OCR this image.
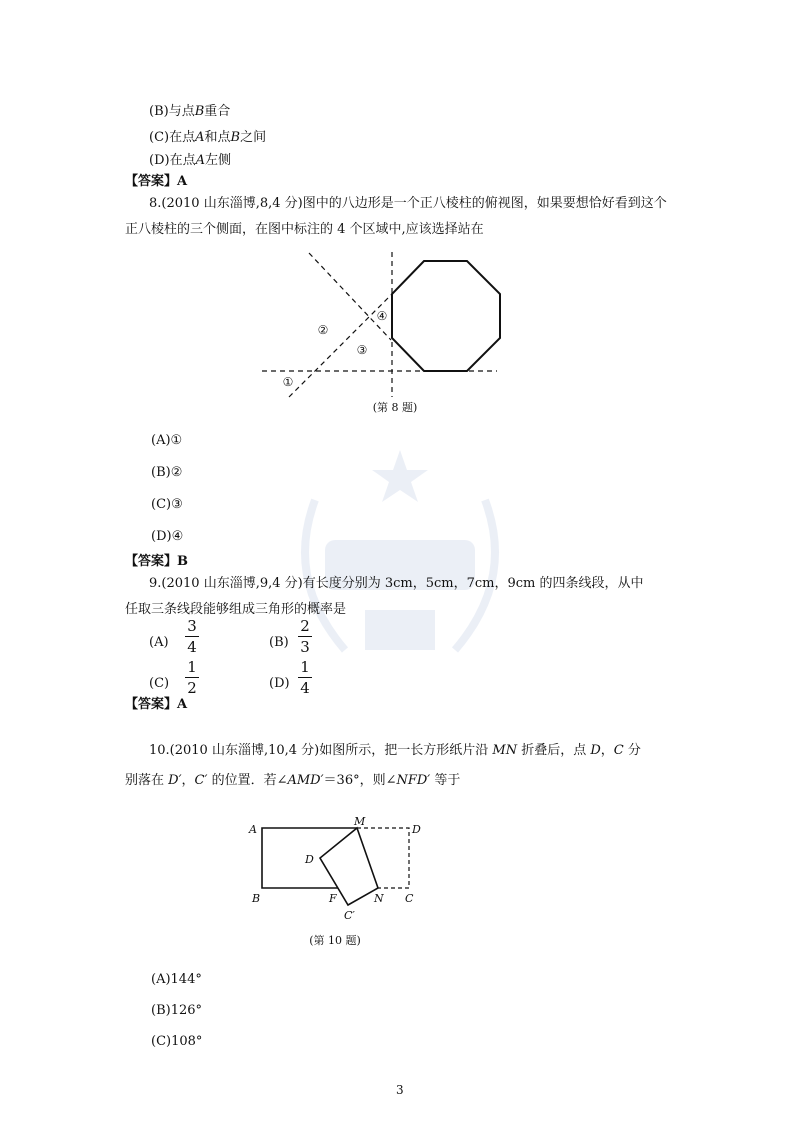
(B)与点B重合
(C)在点A和点B之间
(D)在点A左侧
【答案】A
8.(2010 山东淄博,8,4 分)图中的八边形是一个正八棱柱的俯视图，如果要想恰好看到这个
正八棱柱的三个侧面，在图中标注的 4 个区域中,应该选择站在
①
②
③
④
(第 8 题)
(A)①
(B)②
(C)③
(D)④
【答案】B
9.(2010 山东淄博,9,4 分)有长度分别为 3cm，5cm，7cm，9cm 的四条线段，从中
任取三条线段能够组成三角形的概率是
(A)
3
4	(B)
2
3
(C)
1
2	(D)
1
4
【答案】A
10.(2010 山东淄博,10,4 分)如图所示，把一长方形纸片沿 MN 折叠后，点 D，C 分
别落在 D′，C′ 的位置．若∠AMD′＝36°，则∠NFD′ 等于
A
M
D
D
B	F	N C
C′
(第 10 题)
(A)144°
(B)126°
(C)108°
3
